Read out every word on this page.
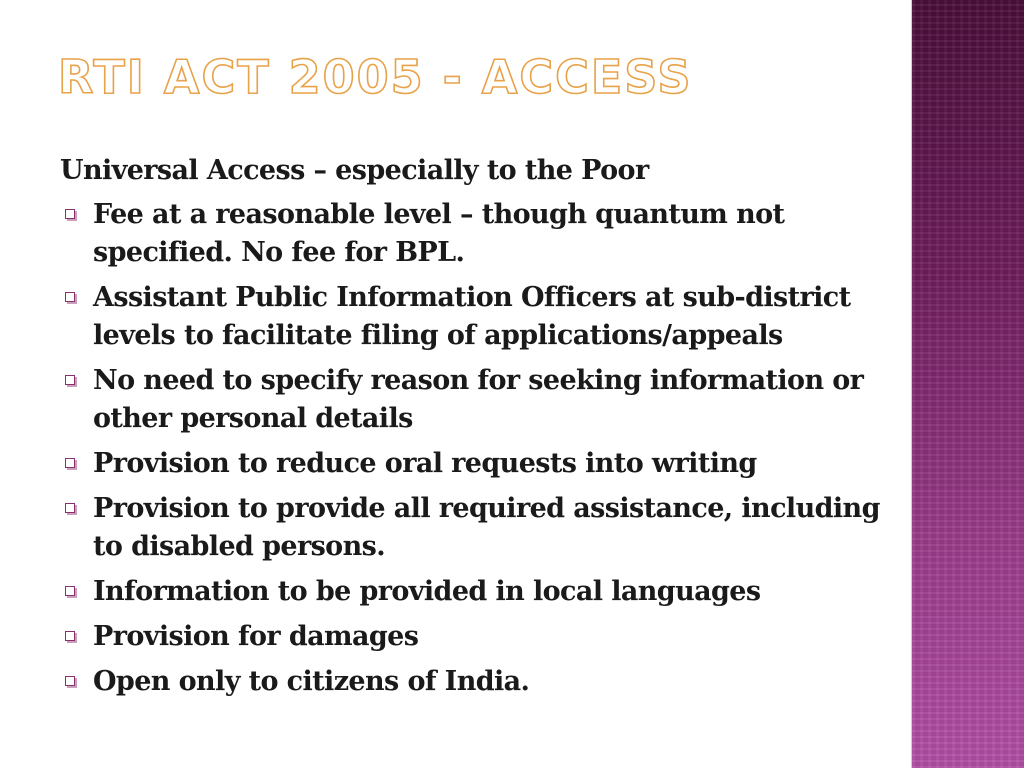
RTI ACT 2005 - ACCESS
Universal Access – especially to the Poor
Fee at a reasonable level – though quantum not specified. No fee for BPL.
Assistant Public Information Officers at sub-district levels to facilitate filing of applications/appeals
No need to specify reason for seeking information or other personal details
Provision to reduce oral requests into writing
Provision to provide all required assistance, including to disabled persons.
Information to be provided in local languages
Provision for damages
Open only to citizens of India.
